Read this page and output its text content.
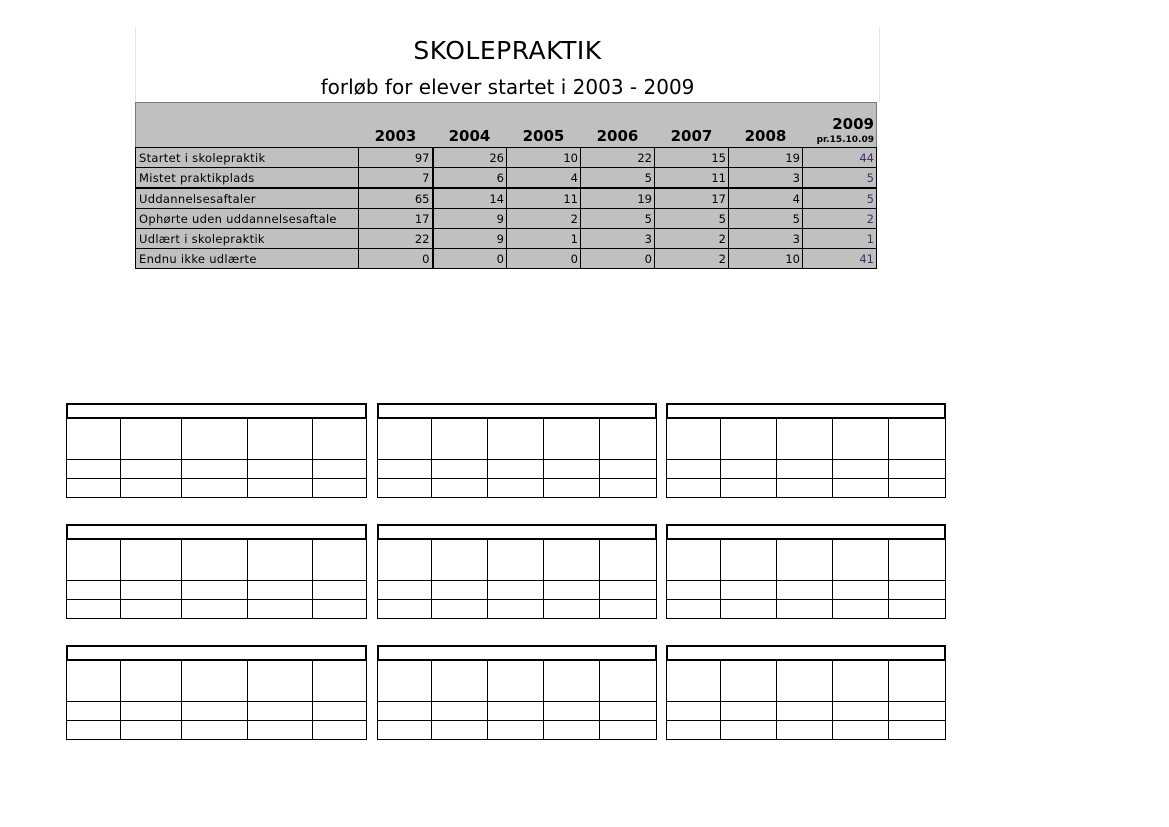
SKOLEPRAKTIK
forløb for elever startet i 2003 - 2009
	2003	2004	2005	2006	2007	2008	2009
pr.15.10.09

Startet i skolepraktik	97	26	10	22	15	19	44
Mistet praktikplads	7	6	4	5	11	3	5
Uddannelsesaftaler	65	14	11	19	17	4	5
Ophørte uden uddannelsesaftale	17	9	2	5	5	5	2
Udlært i skolepraktik	22	9	1	3	2	3	1
Endnu ikke udlærte	0	0	0	0	2	10	41
